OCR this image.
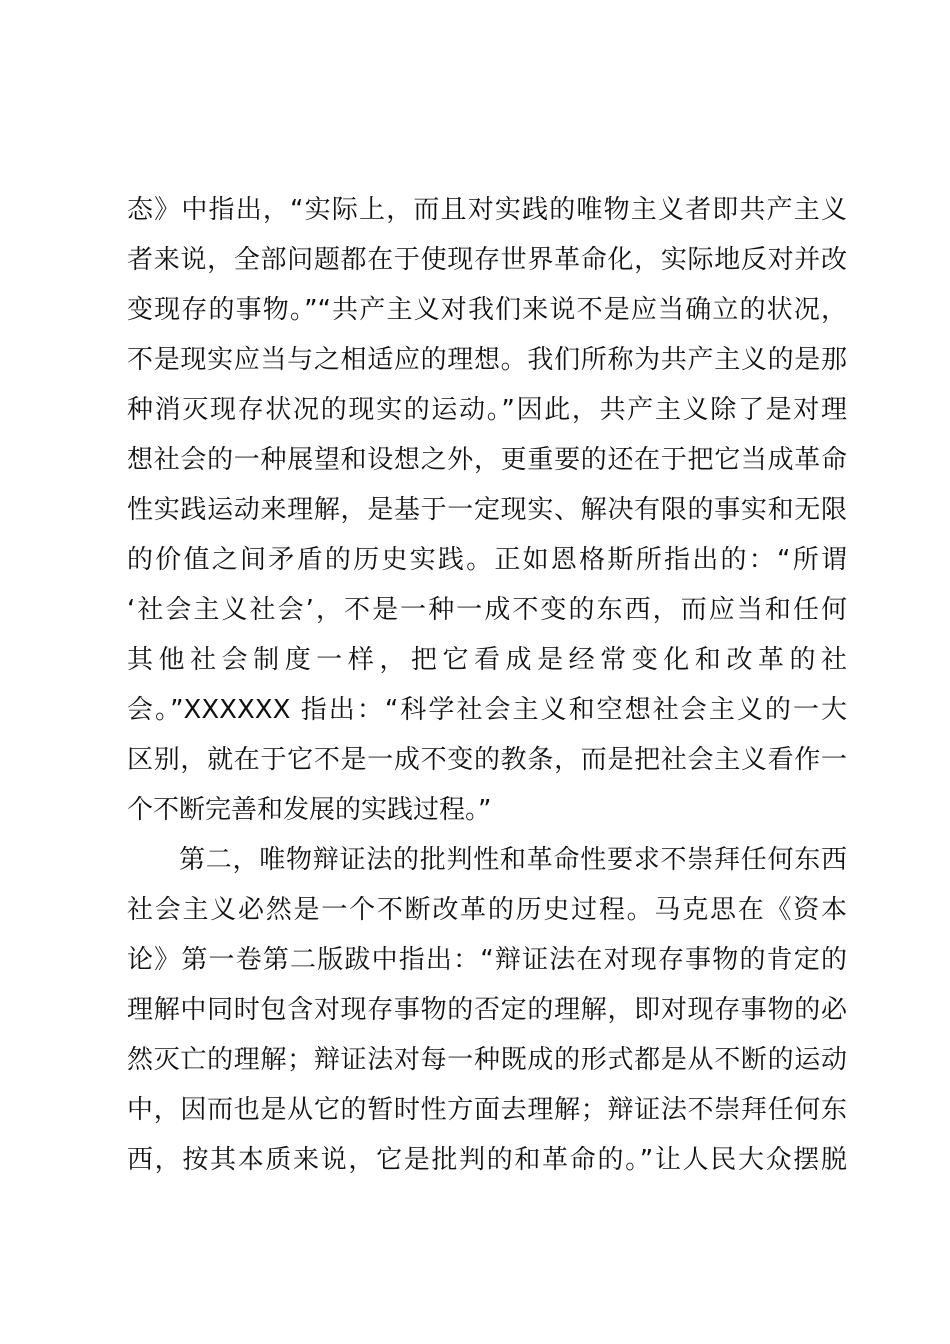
态》中指出，“实际上，而且对实践的唯物主义者即共产主义
者来说，全部问题都在于使现存世界革命化，实际地反对并改
变现存的事物。”“共产主义对我们来说不是应当确立的状况，
不是现实应当与之相适应的理想。我们所称为共产主义的是那
种消灭现存状况的现实的运动。”因此，共产主义除了是对理
想社会的一种展望和设想之外，更重要的还在于把它当成革命
性实践运动来理解，是基于一定现实、解决有限的事实和无限
的价值之间矛盾的历史实践。正如恩格斯所指出的：“所谓
‘社会主义社会’，不是一种一成不变的东西，而应当和任何
其他社会制度一样，把它看成是经常变化和改革的社
会。”XXXXXX 指出：“科学社会主义和空想社会主义的一大
区别，就在于它不是一成不变的教条，而是把社会主义看作一
个不断完善和发展的实践过程。”
第二，唯物辩证法的批判性和革命性要求不崇拜任何东西
社会主义必然是一个不断改革的历史过程。马克思在《资本
论》第一卷第二版跋中指出：“辩证法在对现存事物的肯定的
理解中同时包含对现存事物的否定的理解，即对现存事物的必
然灭亡的理解；辩证法对每一种既成的形式都是从不断的运动
中，因而也是从它的暂时性方面去理解；辩证法不崇拜任何东
西，按其本质来说，它是批判的和革命的。”让人民大众摆脱
